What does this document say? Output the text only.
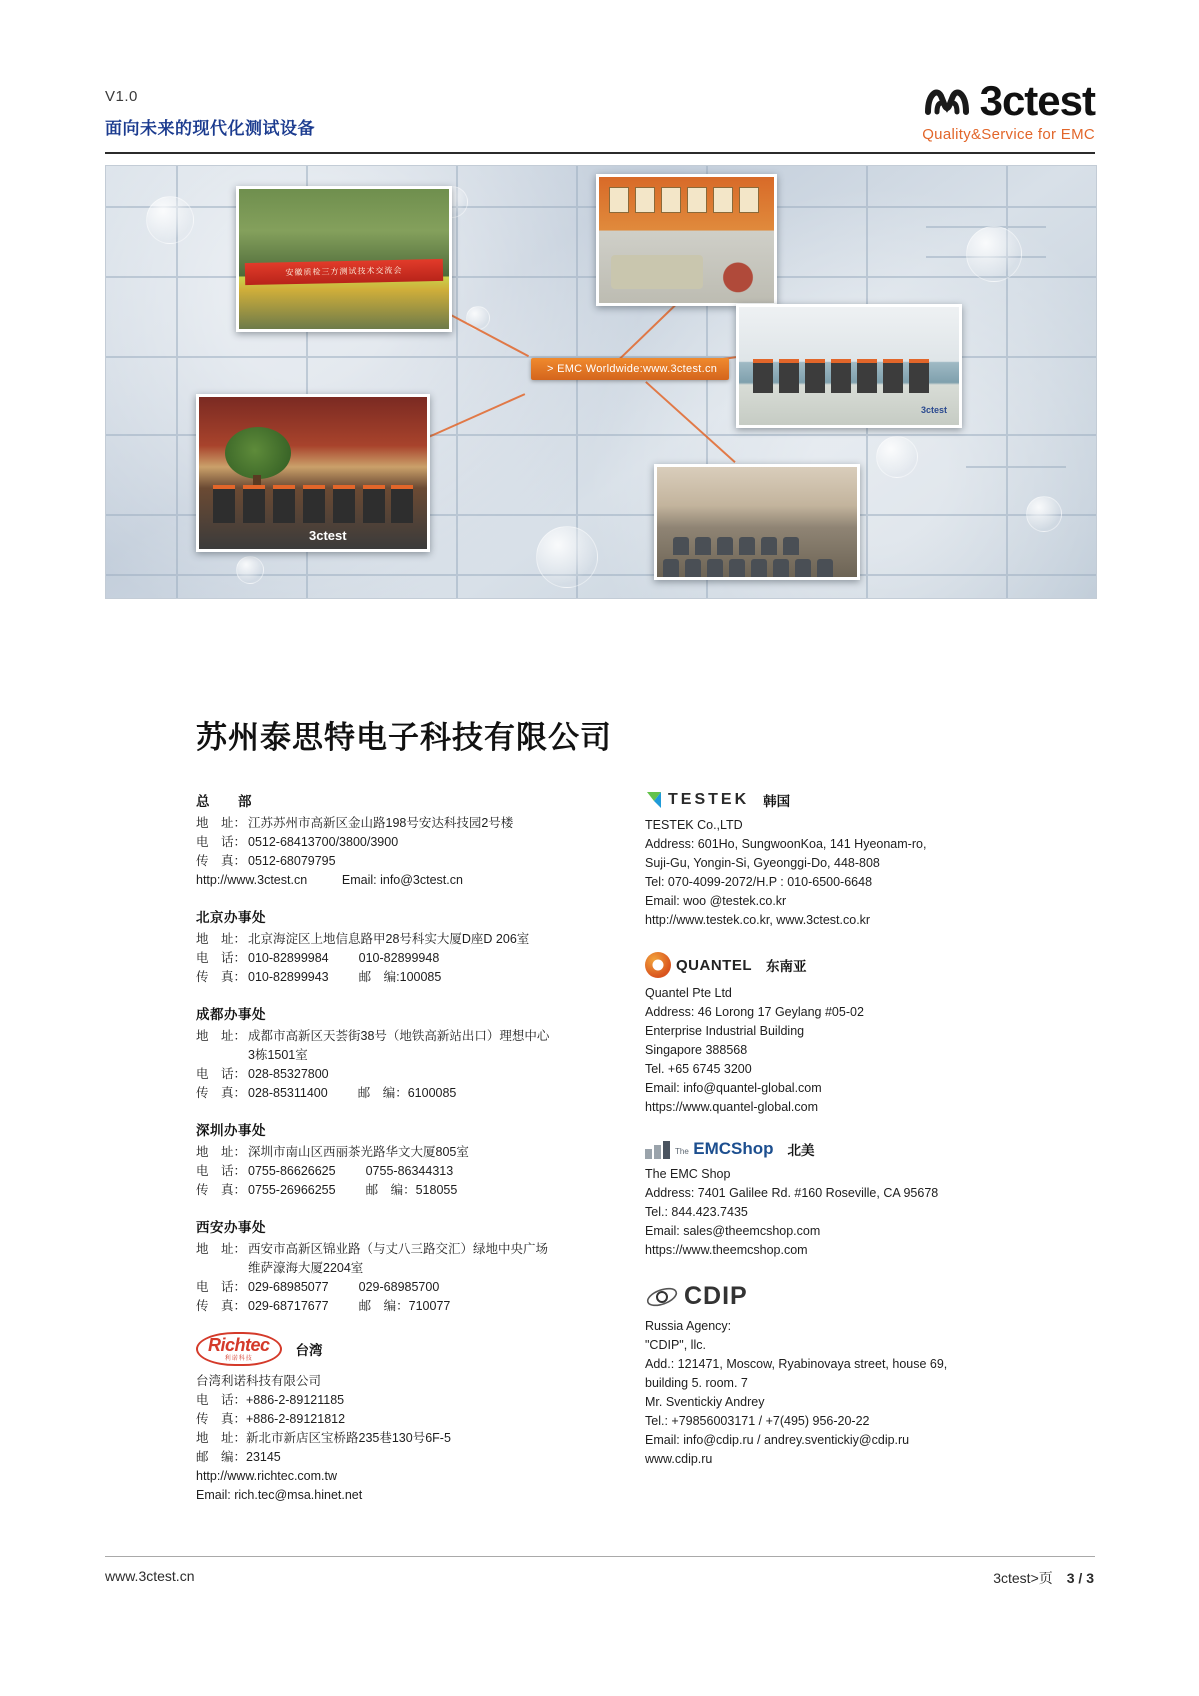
V1.0
面向未来的现代化测试设备
3ctest
Quality&Service for EMC
安徽质检三方测试技术交流会
3ctest
3ctest
> EMC Worldwide:www.3ctest.cn
苏州泰思特电子科技有限公司
总　　部
地　址： 江苏苏州市高新区金山路198号安达科技园2号楼
电　话： 0512-68413700/3800/3900
传　真： 0512-68079795
http://www.3ctest.cn          Email: info@3ctest.cn
北京办事处
地　址： 北京海淀区上地信息路甲28号科实大厦D座D 206室
电　话： 010-82899984 010-82899948
传　真： 010-82899943 邮　编:100085
成都办事处
地　址： 成都市高新区天荟街38号（地铁高新站出口）理想中心
3栋1501室
电　话： 028-85327800
传　真： 028-85311400 邮　编：6100085
深圳办事处
地　址： 深圳市南山区西丽茶光路华文大厦805室
电　话： 0755-86626625 0755-86344313
传　真： 0755-26966255 邮　编：518055
西安办事处
地　址： 西安市高新区锦业路（与丈八三路交汇）绿地中央广场
维萨濠海大厦2204室
电　话： 029-68985077 029-68985700
传　真： 029-68717677 邮　编：710077
Richtec
利诺科技
台湾
台湾利诺科技有限公司
电　话：+886-2-89121185
传　真：+886-2-89121812
地　址：新北市新店区宝桥路235巷130号6F-5
邮　编：23145
http://www.richtec.com.tw
Email: rich.tec@msa.hinet.net
TESTEK 韩国
TESTEK Co.,LTD
Address: 601Ho, SungwoonKoa, 141 Hyeonam-ro,
Suji-Gu, Yongin-Si, Gyeonggi-Do, 448-808
Tel: 070-4099-2072/H.P : 010-6500-6648
Email: woo @testek.co.kr
http://www.testek.co.kr, www.3ctest.co.kr
QUANTEL 东南亚
Quantel Pte Ltd
Address: 46 Lorong 17 Geylang #05-02
Enterprise Industrial Building
Singapore 388568
Tel. +65 6745 3200
Email: info@quantel-global.com
https://www.quantel-global.com
The EMCShop 北美
The EMC Shop
Address: 7401 Galilee Rd. #160 Roseville, CA 95678
Tel.: 844.423.7435
Email: sales@theemcshop.com
https://www.theemcshop.com
CDIP
Russia Agency:
"CDIP", llc.
Add.: 121471, Moscow, Ryabinovaya street, house 69,
building 5. room. 7
Mr. Sventickiy Andrey
Tel.: +79856003171 / +7(495) 956-20-22
Email: info@cdip.ru / andrey.sventickiy@cdip.ru
www.cdip.ru
www.3ctest.cn	3ctest>页 3 / 3
